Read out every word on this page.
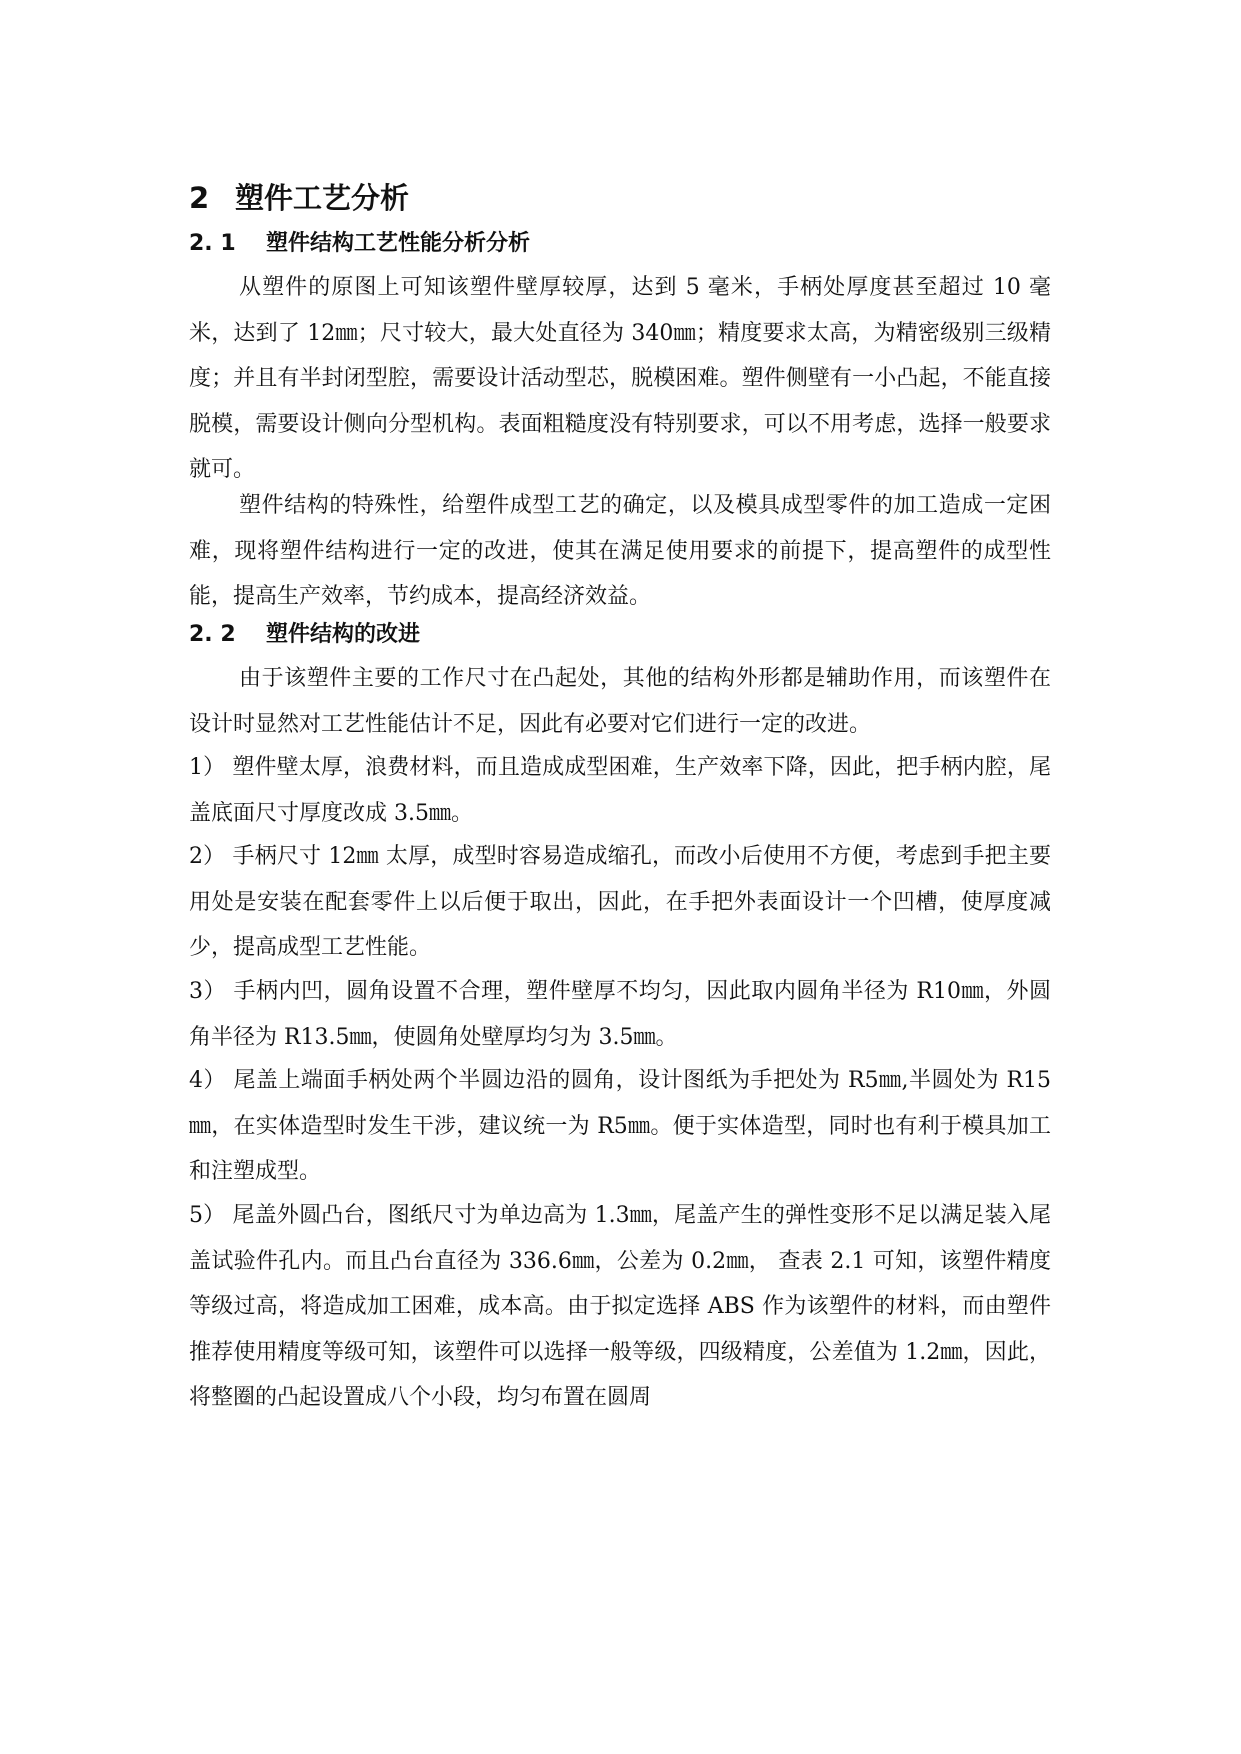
2 塑件工艺分析
2. 1 塑件结构工艺性能分析分析

从塑件的原图上可知该塑件壁厚较厚，达到 5 毫米，手柄处厚度甚至超过 10 毫米，达到了 12㎜；尺寸较大，最大处直径为 340㎜；精度要求太高，为精密级别三级精度；并且有半封闭型腔，需要设计活动型芯，脱模困难。塑件侧壁有一小凸起，不能直接脱模，需要设计侧向分型机构。表面粗糙度没有特别要求，可以不用考虑，选择一般要求就可。

塑件结构的特殊性，给塑件成型工艺的确定，以及模具成型零件的加工造成一定困难，现将塑件结构进行一定的改进，使其在满足使用要求的前提下，提高塑件的成型性能，提高生产效率，节约成本，提高经济效益。

2. 2 塑件结构的改进

由于该塑件主要的工作尺寸在凸起处，其他的结构外形都是辅助作用，而该塑件在设计时显然对工艺性能估计不足，因此有必要对它们进行一定的改进。

1） 塑件壁太厚，浪费材料，而且造成成型困难，生产效率下降，因此，把手柄内腔，尾盖底面尺寸厚度改成 3.5㎜。

2） 手柄尺寸 12㎜ 太厚，成型时容易造成缩孔，而改小后使用不方便，考虑到手把主要用处是安装在配套零件上以后便于取出，因此，在手把外表面设计一个凹槽，使厚度减少，提高成型工艺性能。

3） 手柄内凹，圆角设置不合理，塑件壁厚不均匀，因此取内圆角半径为 R10㎜，外圆角半径为 R13.5㎜，使圆角处壁厚均匀为 3.5㎜。

4） 尾盖上端面手柄处两个半圆边沿的圆角，设计图纸为手把处为 R5㎜,半圆处为 R15㎜，在实体造型时发生干涉，建议统一为 R5㎜。便于实体造型，同时也有利于模具加工和注塑成型。

5） 尾盖外圆凸台，图纸尺寸为单边高为 1.3㎜，尾盖产生的弹性变形不足以满足装入尾盖试验件孔内。而且凸台直径为 336.6㎜，公差为 0.2㎜， 查表 2.1 可知，该塑件精度等级过高，将造成加工困难，成本高。由于拟定选择 ABS 作为该塑件的材料，而由塑件推荐使用精度等级可知，该塑件可以选择一般等级，四级精度，公差值为 1.2㎜，因此，将整圈的凸起设置成八个小段，均匀布置在圆周
